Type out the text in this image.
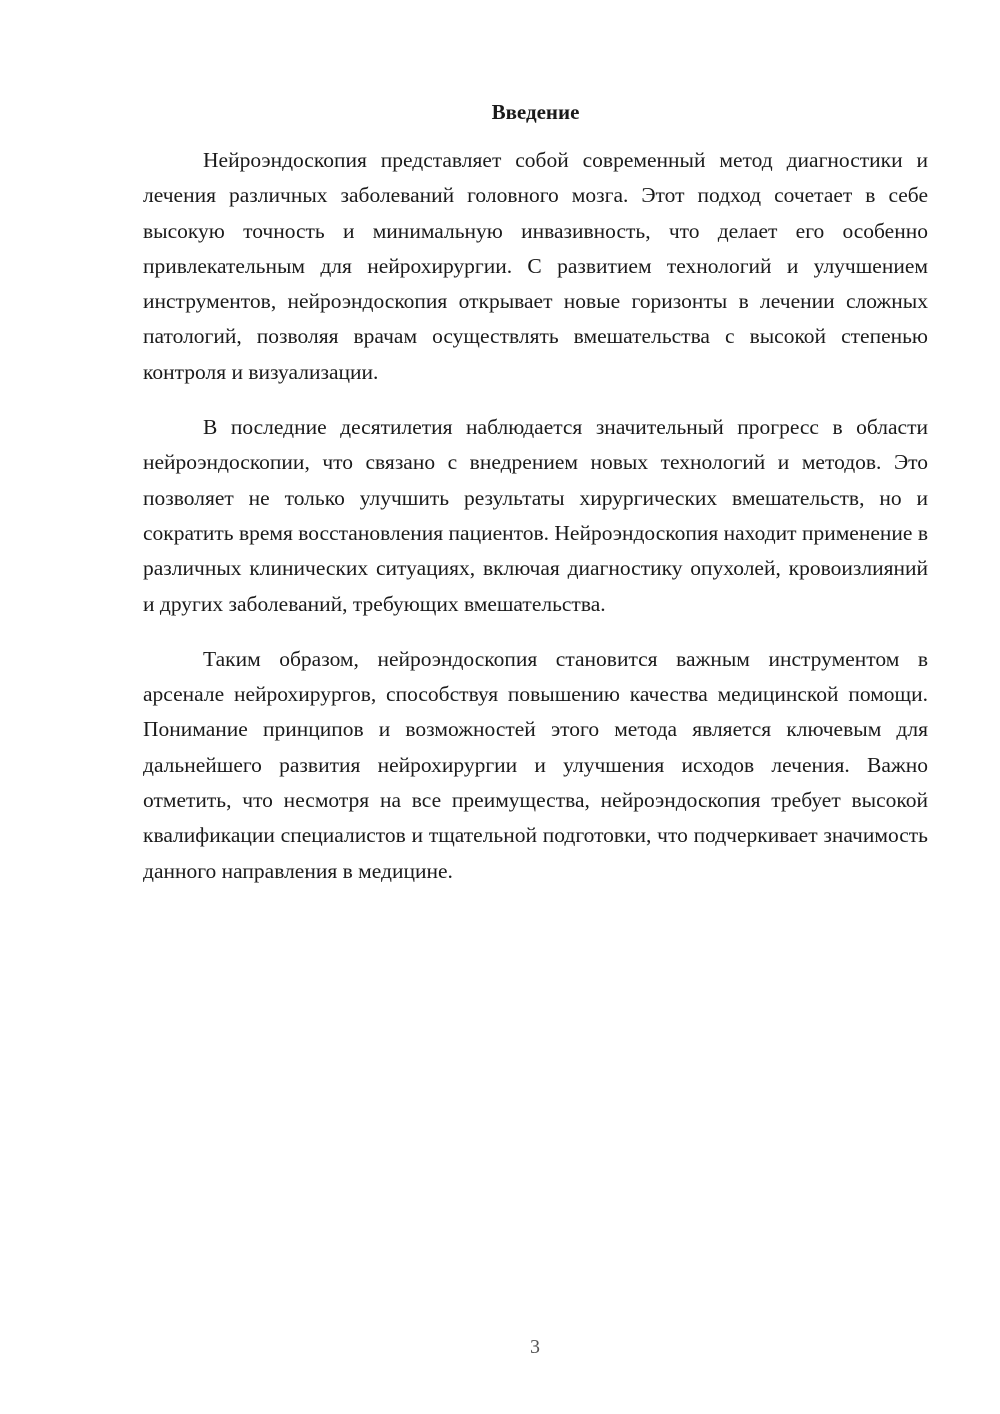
Введение

Нейроэндоскопия представляет собой современный метод диагностики и лечения различных заболеваний головного мозга. Этот подход сочетает в себе высокую точность и минимальную инвазивность, что делает его особенно привлекательным для нейрохирургии. С развитием технологий и улучшением инструментов, нейроэндоскопия открывает новые горизонты в лечении сложных патологий, позволяя врачам осуществлять вмешательства с высокой степенью контроля и визуализации.

В последние десятилетия наблюдается значительный прогресс в области нейроэндоскопии, что связано с внедрением новых технологий и методов. Это позволяет не только улучшить результаты хирургических вмешательств, но и сократить время восстановления пациентов. Нейроэндоскопия находит применение в различных клинических ситуациях, включая диагностику опухолей, кровоизлияний и других заболеваний, требующих вмешательства.

Таким образом, нейроэндоскопия становится важным инструментом в арсенале нейрохирургов, способствуя повышению качества медицинской помощи. Понимание принципов и возможностей этого метода является ключевым для дальнейшего развития нейрохирургии и улучшения исходов лечения. Важно отметить, что несмотря на все преимущества, нейроэндоскопия требует высокой квалификации специалистов и тщательной подготовки, что подчеркивает значимость данного направления в медицине.

3
